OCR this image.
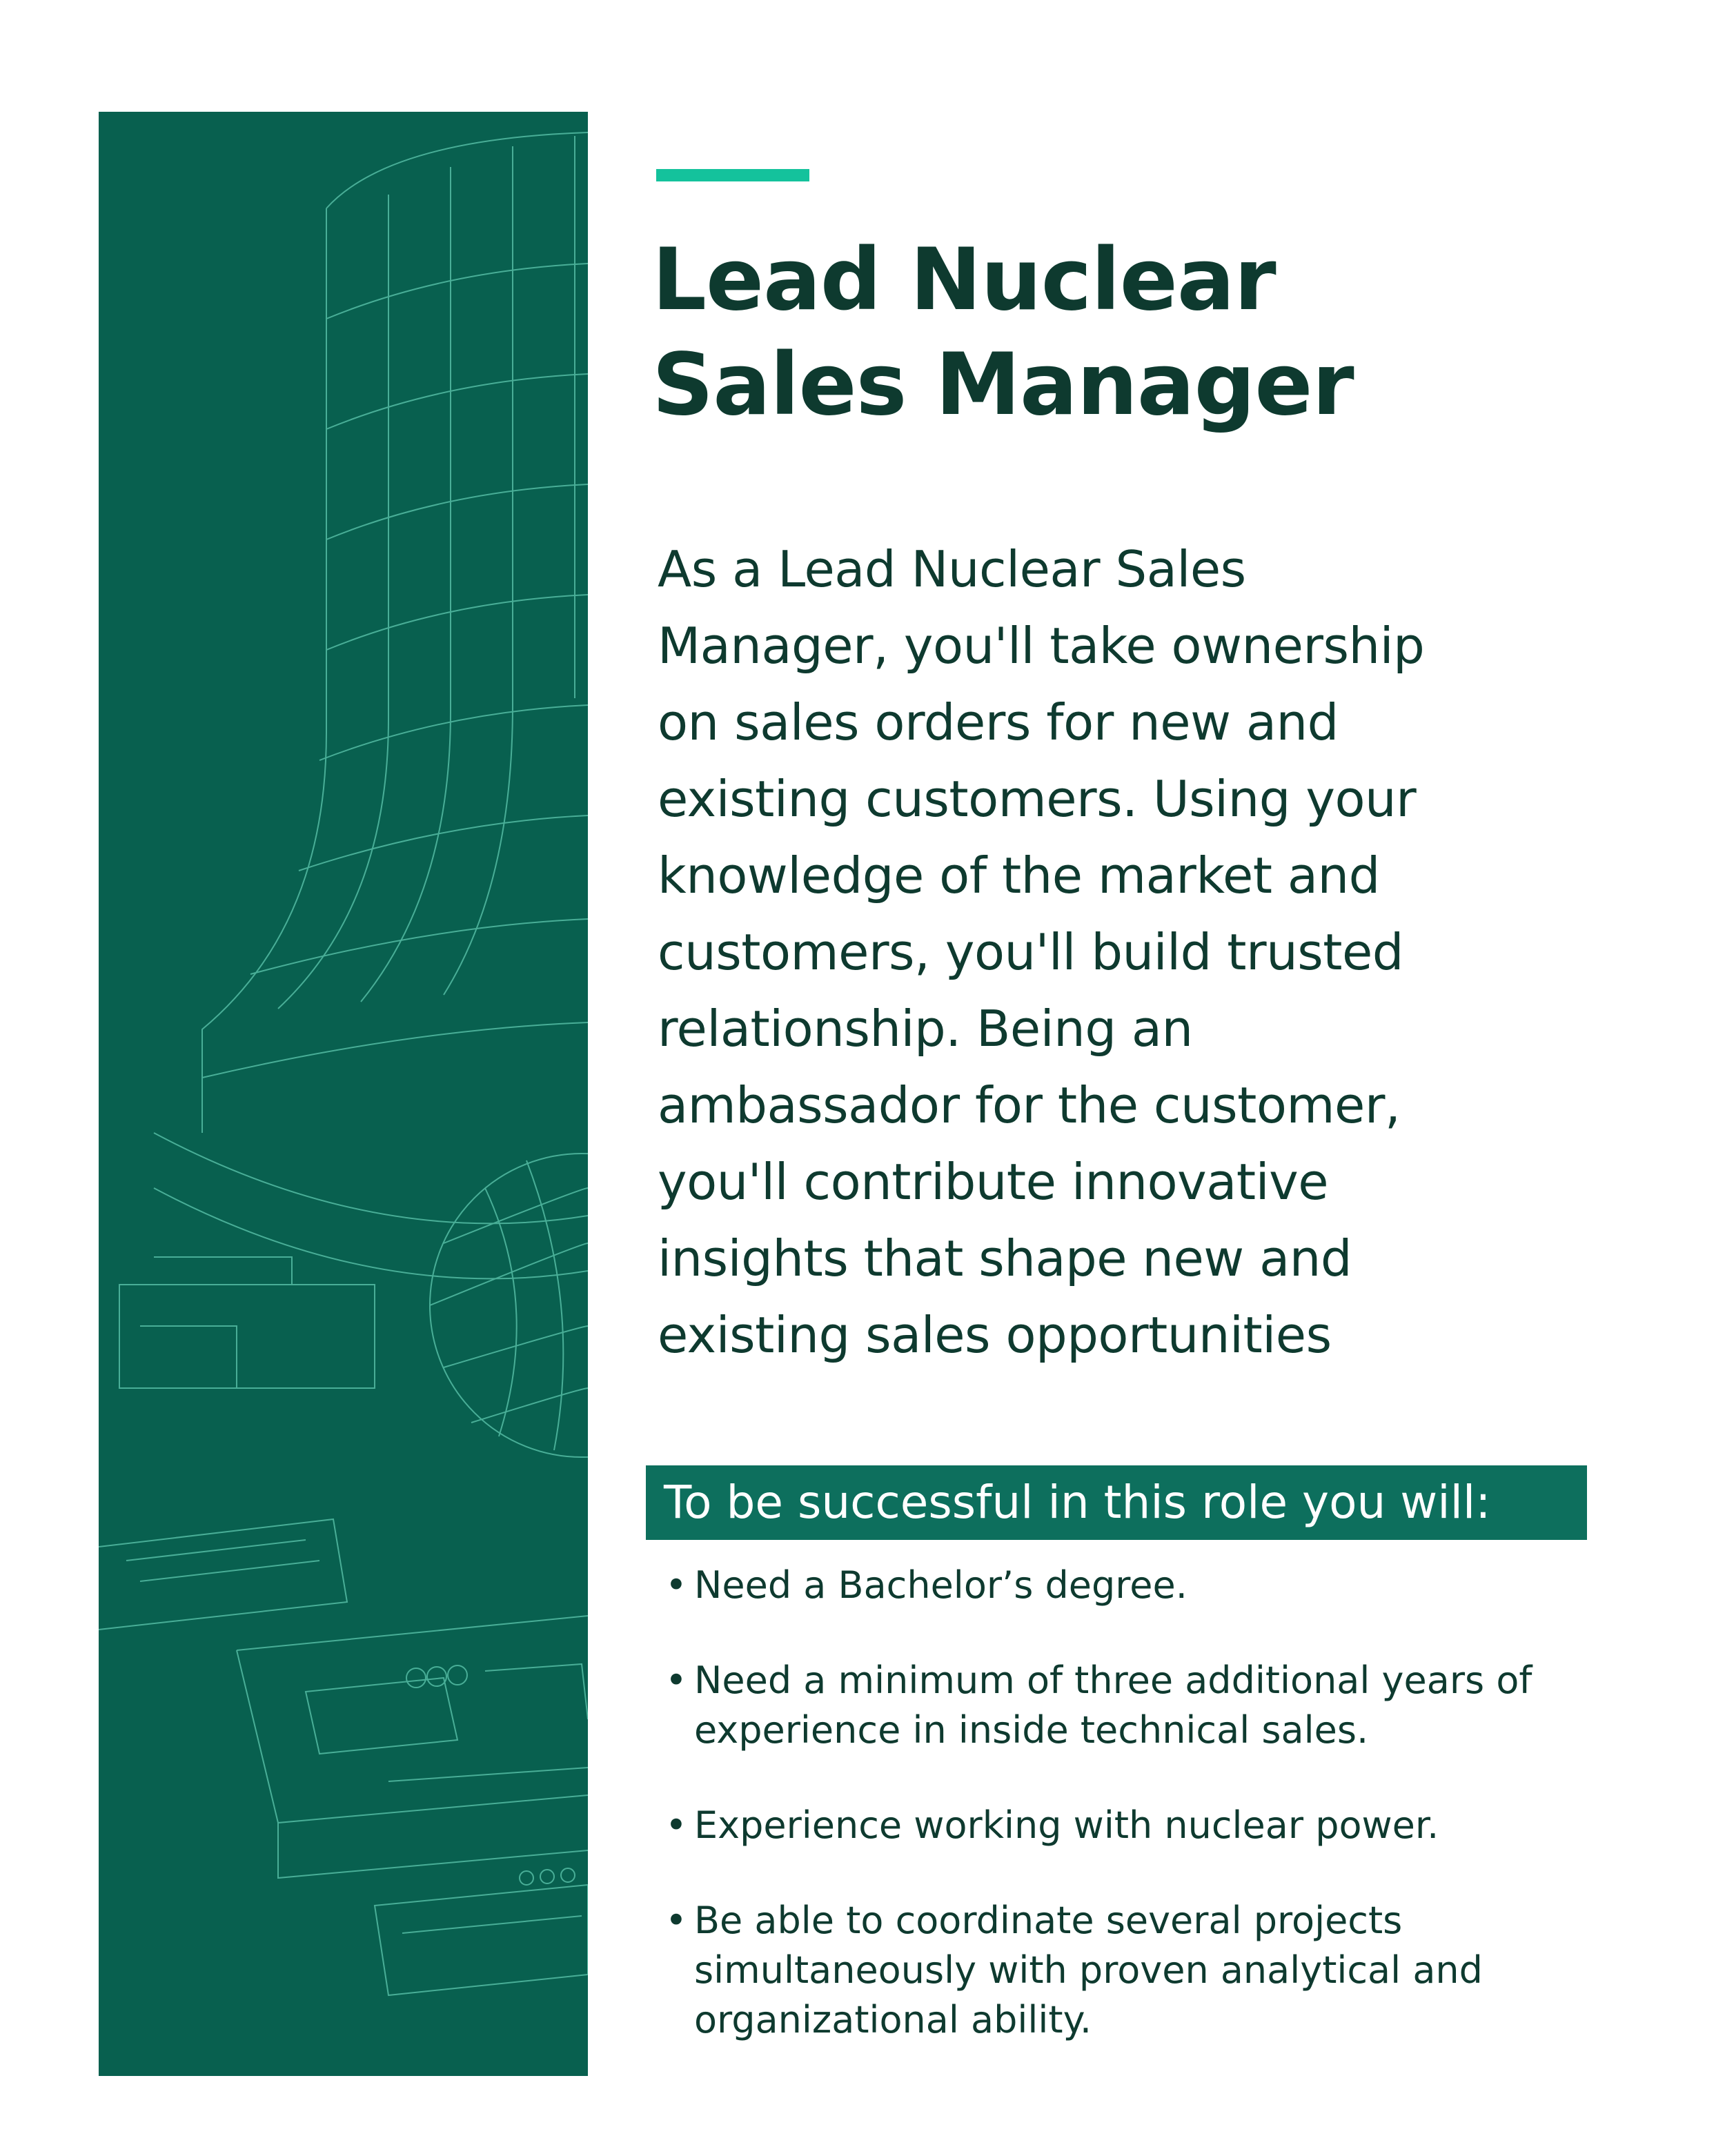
Lead Nuclear
Sales Manager

As a Lead Nuclear Sales
Manager, you'll take ownership
on sales orders for new and
existing customers. Using your
knowledge of the market and
customers, you'll build trusted
relationship. Being an
ambassador for the customer,
you'll contribute innovative
insights that shape new and
existing sales opportunities

To be successful in this role you will:
• Need a Bachelor’s degree.
• Need a minimum of three additional years of
experience in inside technical sales.
• Experience working with nuclear power.
• Be able to coordinate several projects
simultaneously with proven analytical and
organizational ability.
